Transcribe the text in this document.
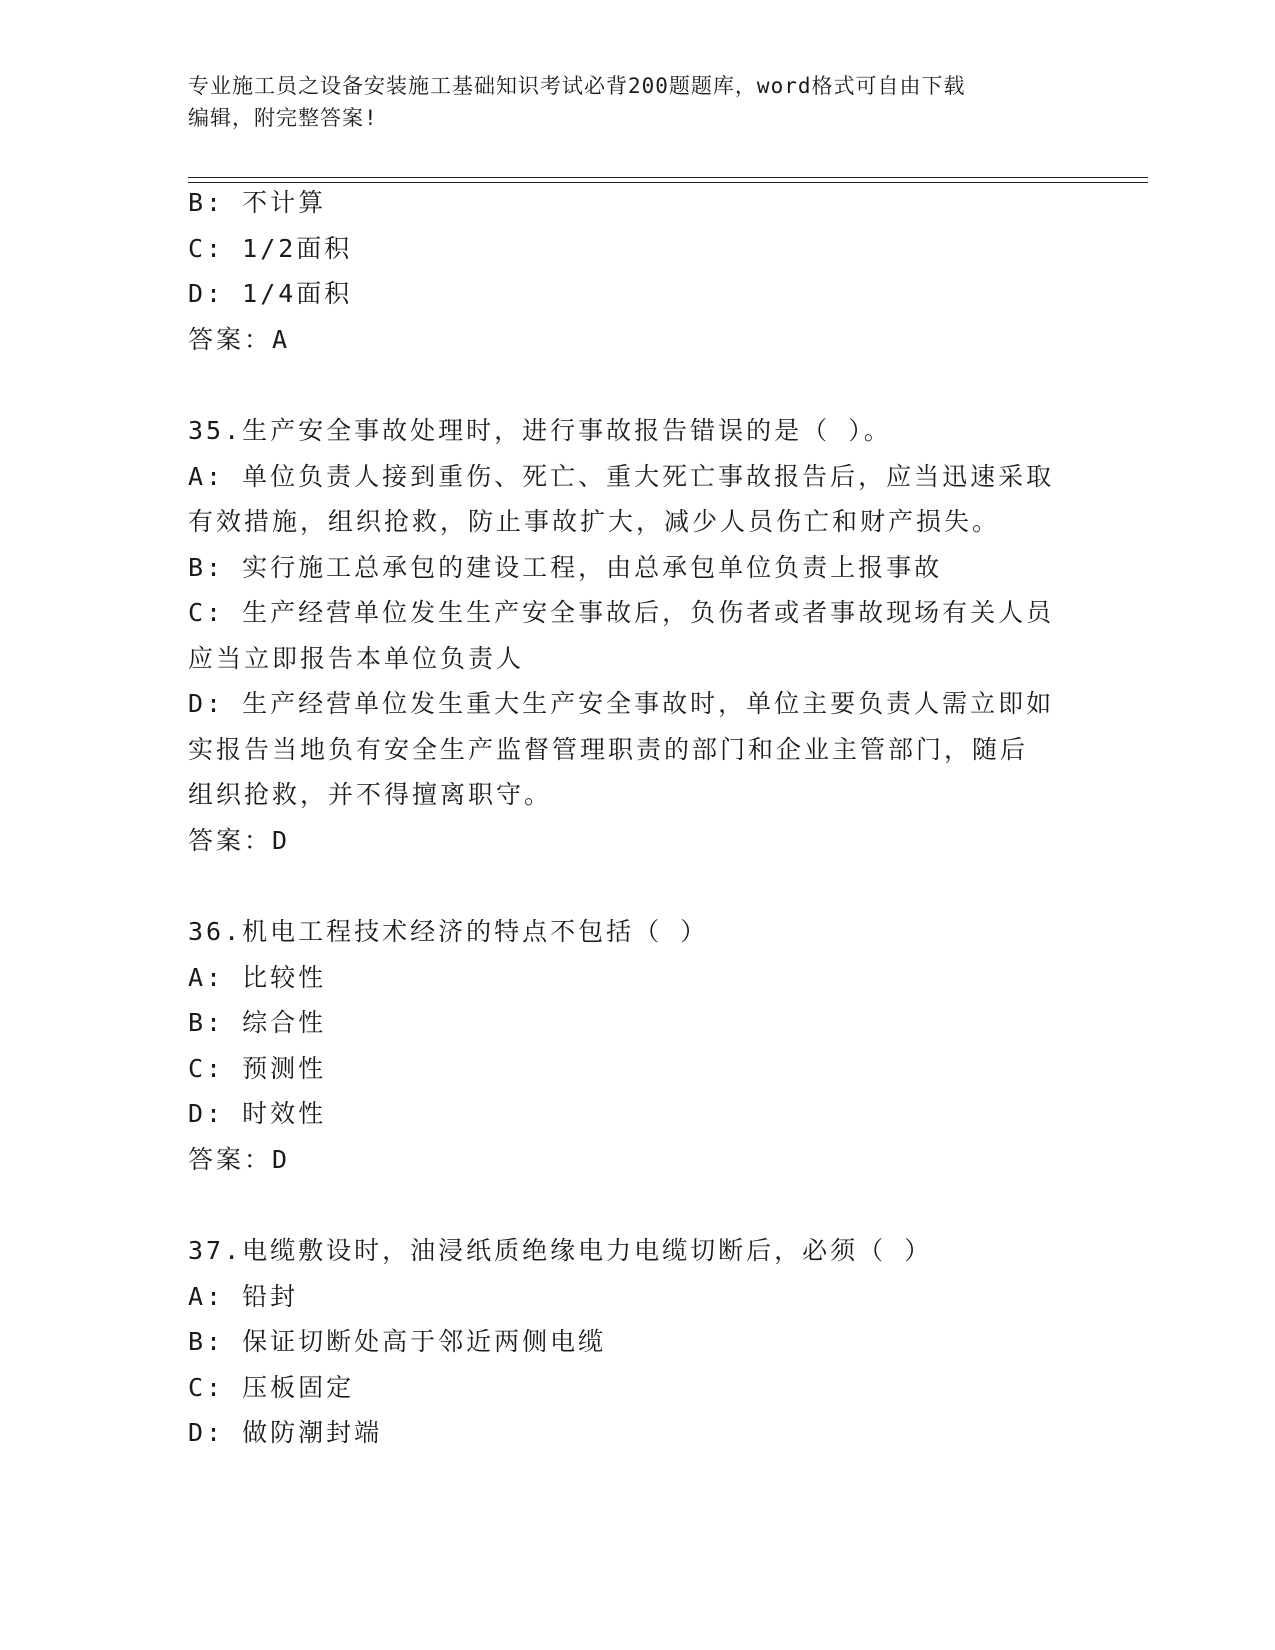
专业施工员之设备安装施工基础知识考试必背200题题库，word格式可自由下载
编辑，附完整答案!
B: 不计算
C: 1/2面积
D: 1/4面积
答案：A
35.生产安全事故处理时，进行事故报告错误的是（ ）。
A: 单位负责人接到重伤、死亡、重大死亡事故报告后，应当迅速采取
有效措施，组织抢救，防止事故扩大，减少人员伤亡和财产损失。
B: 实行施工总承包的建设工程，由总承包单位负责上报事故
C: 生产经营单位发生生产安全事故后，负伤者或者事故现场有关人员
应当立即报告本单位负责人
D: 生产经营单位发生重大生产安全事故时，单位主要负责人需立即如
实报告当地负有安全生产监督管理职责的部门和企业主管部门，随后
组织抢救，并不得擅离职守。
答案：D
36.机电工程技术经济的特点不包括（ ）
A: 比较性
B: 综合性
C: 预测性
D: 时效性
答案：D
37.电缆敷设时，油浸纸质绝缘电力电缆切断后，必须（ ）
A: 铅封
B: 保证切断处高于邻近两侧电缆
C: 压板固定
D: 做防潮封端
